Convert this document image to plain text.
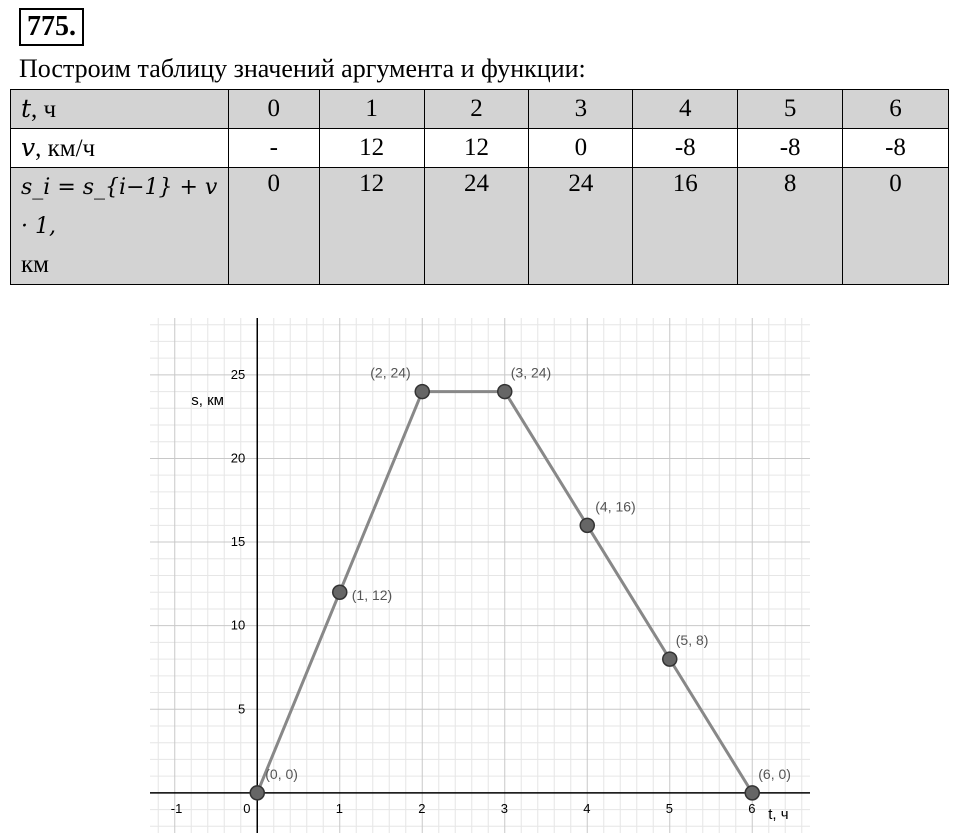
775.
Построим таблицу значений аргумента и функции:
t, ч	0	1	2	3	4	5	6
v, км/ч	-	12	12	0	-8	-8	-8
s_i = s_{i−1} + v · 1,
км	0	12	24	24	16	8	0
-1	0	1	2	3	4	5	6
5
10
15
20
25
(0, 0)
(1, 12)
(2, 24)	(3, 24)
(4, 16)
(5, 8)
(6, 0)
t, ч
s, км
